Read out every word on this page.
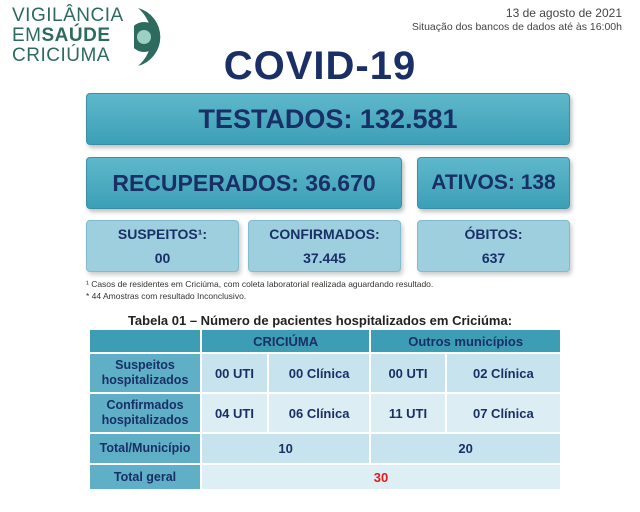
VIGILÂNCIA
EMSAÚDE
CRICIÚMA
13 de agosto de 2021
Situação dos bancos de dados até às 16:00h
COVID-19
TESTADOS: 132.581
RECUPERADOS: 36.670	ATIVOS: 138
SUSPEITOS¹:
00
CONFIRMADOS:
37.445
ÓBITOS:
637
¹ Casos de residentes em Criciúma, com coleta laboratorial realizada aguardando resultado.
* 44 Amostras com resultado Inconclusivo.
Tabela 01 – Número de pacientes hospitalizados em Criciúma:
	CRICIÚMA		Outros municípios	
Suspeitos hospitalizados	00 UTI	00 Clínica	00 UTI	02 Clínica
Confirmados hospitalizados	04 UTI	06 Clínica	11 UTI	07 Clínica
Total/Município	10		20	
Total geral	30			
